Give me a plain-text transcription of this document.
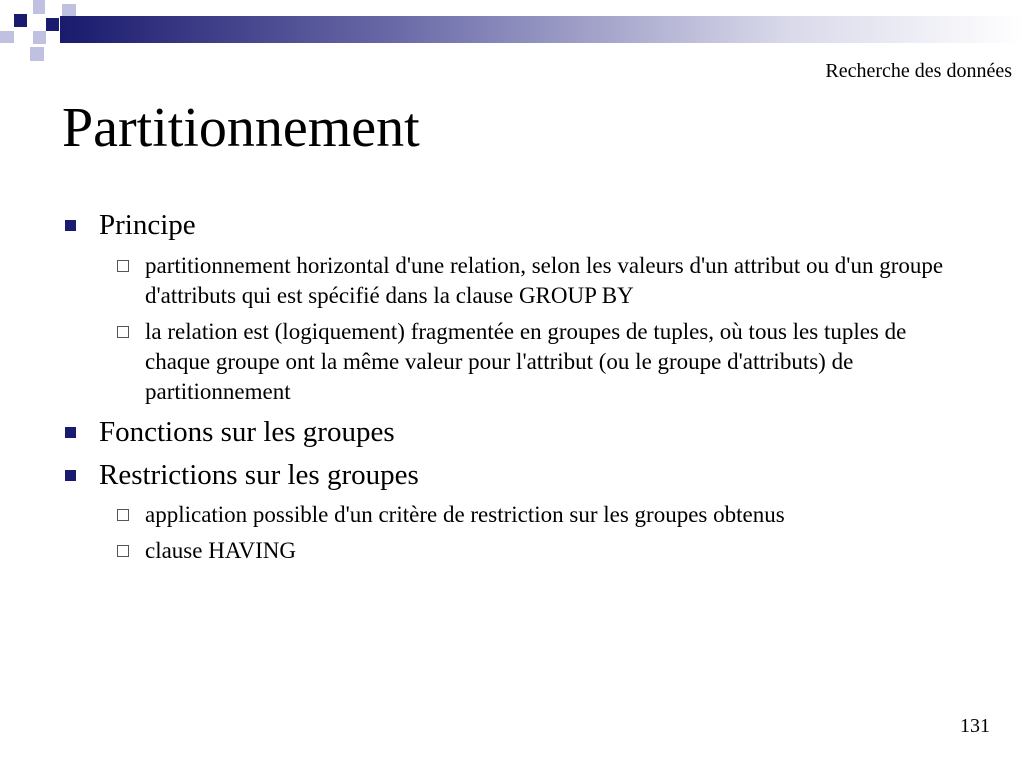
Recherche des données
Partitionnement
Principe
partitionnement horizontal d'une relation, selon les valeurs d'un attribut ou d'un groupe d'attributs qui est spécifié dans la clause GROUP BY
la relation est (logiquement) fragmentée en groupes de tuples, où tous les tuples de chaque groupe ont la même valeur pour l'attribut (ou le groupe d'attributs) de partitionnement
Fonctions sur les groupes
Restrictions sur les groupes
application possible d'un critère de restriction sur les groupes obtenus
clause HAVING
131
